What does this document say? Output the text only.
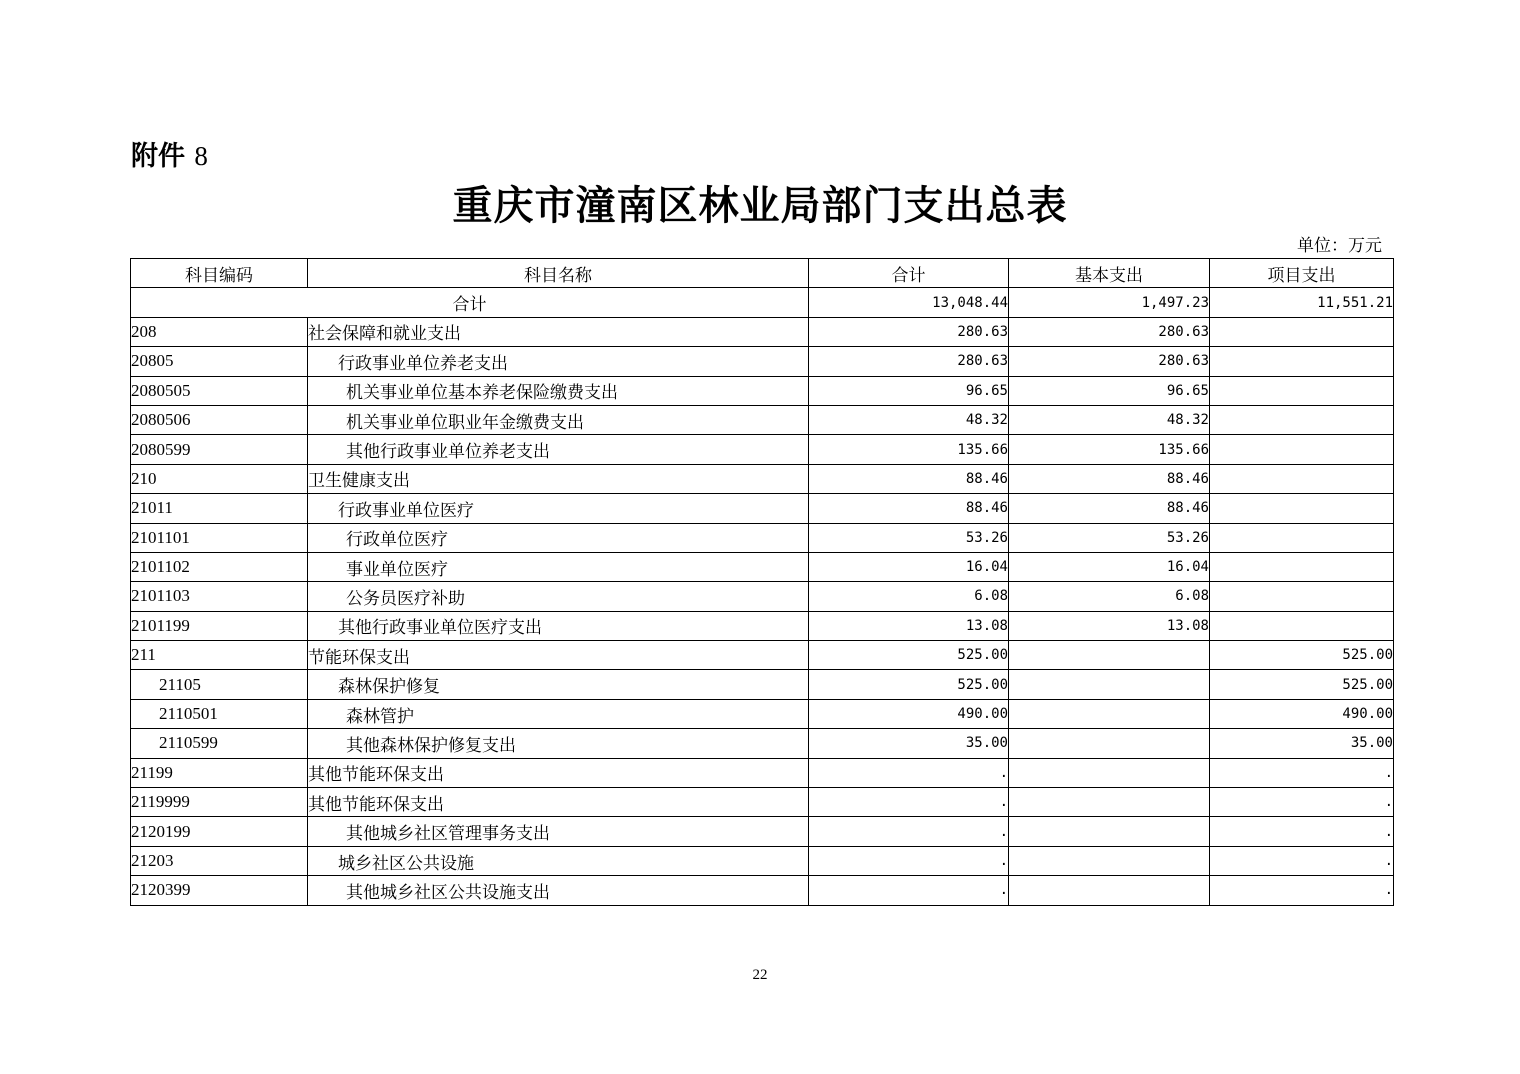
附件 8
重庆市潼南区林业局部门支出总表
单位：万元
科目编码	科目名称	合计	基本支出	项目支出
合计		13,048.44	1,497.23	11,551.21
208	社会保障和就业支出	280.63	280.63	
20805	行政事业单位养老支出	280.63	280.63	
2080505	机关事业单位基本养老保险缴费支出	96.65	96.65	
2080506	机关事业单位职业年金缴费支出	48.32	48.32	
2080599	其他行政事业单位养老支出	135.66	135.66	
210	卫生健康支出	88.46	88.46	
21011	行政事业单位医疗	88.46	88.46	
2101101	行政单位医疗	53.26	53.26	
2101102	事业单位医疗	16.04	16.04	
2101103	公务员医疗补助	6.08	6.08	
2101199	其他行政事业单位医疗支出	13.08	13.08	
211	节能环保支出	525.00		525.00
21105	森林保护修复	525.00		525.00
2110501	森林管护	490.00		490.00
2110599	其他森林保护修复支出	35.00		35.00
21199	其他节能环保支出	.		.
2119999	其他节能环保支出	.		.
2120199	其他城乡社区管理事务支出	.		.
21203	城乡社区公共设施	.		.
2120399	其他城乡社区公共设施支出	.		.
22
